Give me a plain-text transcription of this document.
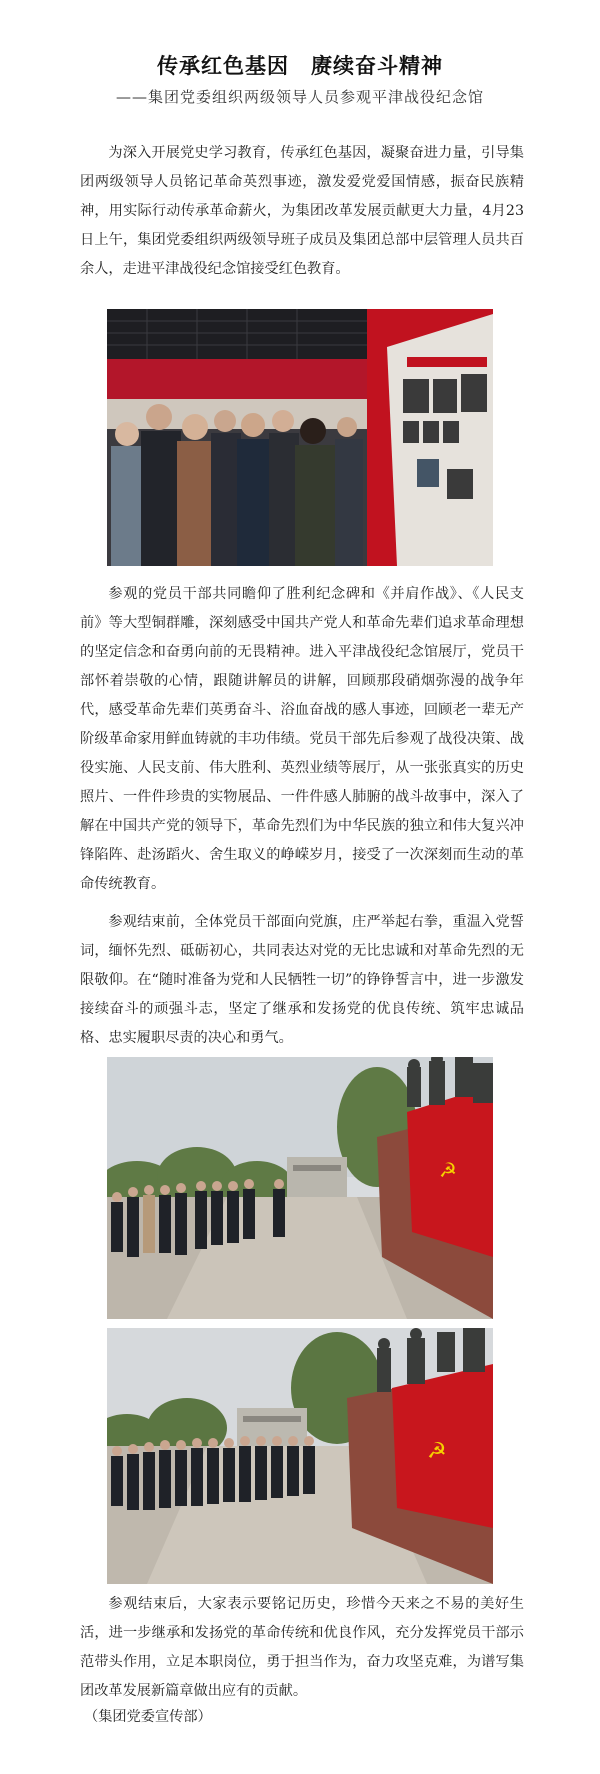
传承红色基因　赓续奋斗精神
——集团党委组织两级领导人员参观平津战役纪念馆

为深入开展党史学习教育，传承红色基因，凝聚奋进力量，引导集团两级领导人员铭记革命英烈事迹，激发爱党爱国情感，振奋民族精神，用实际行动传承革命薪火，为集团改革发展贡献更大力量，4月23日上午，集团党委组织两级领导班子成员及集团总部中层管理人员共百余人，走进平津战役纪念馆接受红色教育。

参观的党员干部共同瞻仰了胜利纪念碑和《并肩作战》、《人民支前》等大型铜群雕，深刻感受中国共产党人和革命先辈们追求革命理想的坚定信念和奋勇向前的无畏精神。进入平津战役纪念馆展厅，党员干部怀着崇敬的心情，跟随讲解员的讲解，回顾那段硝烟弥漫的战争年代，感受革命先辈们英勇奋斗、浴血奋战的感人事迹，回顾老一辈无产阶级革命家用鲜血铸就的丰功伟绩。党员干部先后参观了战役决策、战役实施、人民支前、伟大胜利、英烈业绩等展厅，从一张张真实的历史照片、一件件珍贵的实物展品、一件件感人肺腑的战斗故事中，深入了解在中国共产党的领导下，革命先烈们为中华民族的独立和伟大复兴冲锋陷阵、赴汤蹈火、舍生取义的峥嵘岁月，接受了一次深刻而生动的革命传统教育。

参观结束前，全体党员干部面向党旗，庄严举起右拳，重温入党誓词，缅怀先烈、砥砺初心，共同表达对党的无比忠诚和对革命先烈的无限敬仰。在“随时准备为党和人民牺牲一切”的铮铮誓言中，进一步激发接续奋斗的顽强斗志，坚定了继承和发扬党的优良传统、筑牢忠诚品格、忠实履职尽责的决心和勇气。

☭
☭

参观结束后，大家表示要铭记历史，珍惜今天来之不易的美好生活，进一步继承和发扬党的革命传统和优良作风，充分发挥党员干部示范带头作用，立足本职岗位，勇于担当作为，奋力攻坚克难，为谱写集团改革发展新篇章做出应有的贡献。

（集团党委宣传部）
